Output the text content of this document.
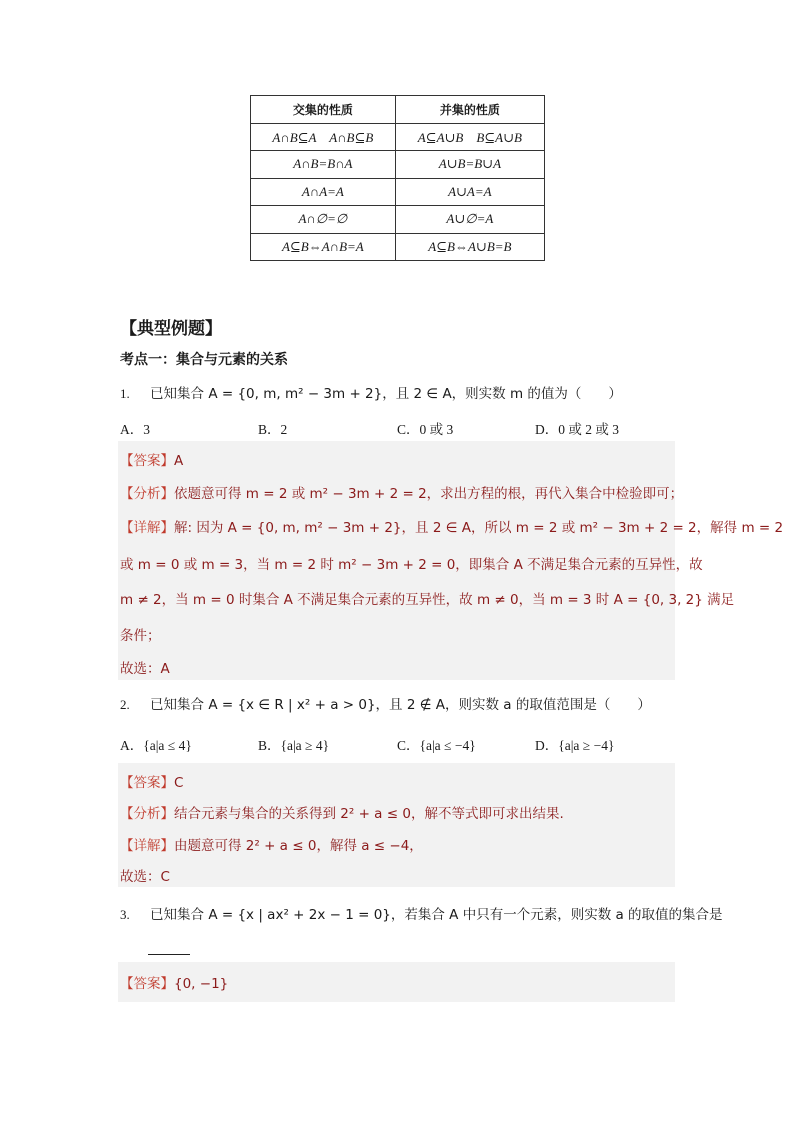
交集的性质	并集的性质
A∩B⊆A　A∩B⊆B	A⊆A∪B　B⊆A∪B
A∩B=B∩A	A∪B=B∪A
A∩A=A	A∪A=A
A∩∅=∅	A∪∅=A
A⊆B⇔A∩B=A	A⊆B⇔A∪B=B
【典型例题】
考点一：集合与元素的关系
1. 已知集合 A = {0, m, m² − 3m + 2}，且 2 ∈ A，则实数 m 的值为（　　）
A．3	B．2	C．0 或 3	D．0 或 2 或 3
【答案】A
【分析】依题意可得 m = 2 或 m² − 3m + 2 = 2，求出方程的根，再代入集合中检验即可；
【详解】解: 因为 A = {0, m, m² − 3m + 2}，且 2 ∈ A，所以 m = 2 或 m² − 3m + 2 = 2，解得 m = 2
或 m = 0 或 m = 3，当 m = 2 时 m² − 3m + 2 = 0，即集合 A 不满足集合元素的互异性，故
m ≠ 2，当 m = 0 时集合 A 不满足集合元素的互异性，故 m ≠ 0，当 m = 3 时 A = {0, 3, 2} 满足
条件；
故选：A
2. 已知集合 A = {x ∈ R | x² + a > 0}，且 2 ∉ A，则实数 a 的取值范围是（　　）
A．{a|a ≤ 4}	B．{a|a ≥ 4}	C．{a|a ≤ −4}	D．{a|a ≥ −4}
【答案】C
【分析】结合元素与集合的关系得到 2² + a ≤ 0，解不等式即可求出结果.
【详解】由题意可得 2² + a ≤ 0，解得 a ≤ −4，
故选：C
3. 已知集合 A = {x | ax² + 2x − 1 = 0}，若集合 A 中只有一个元素，则实数 a 的取值的集合是
【答案】{0, −1}
